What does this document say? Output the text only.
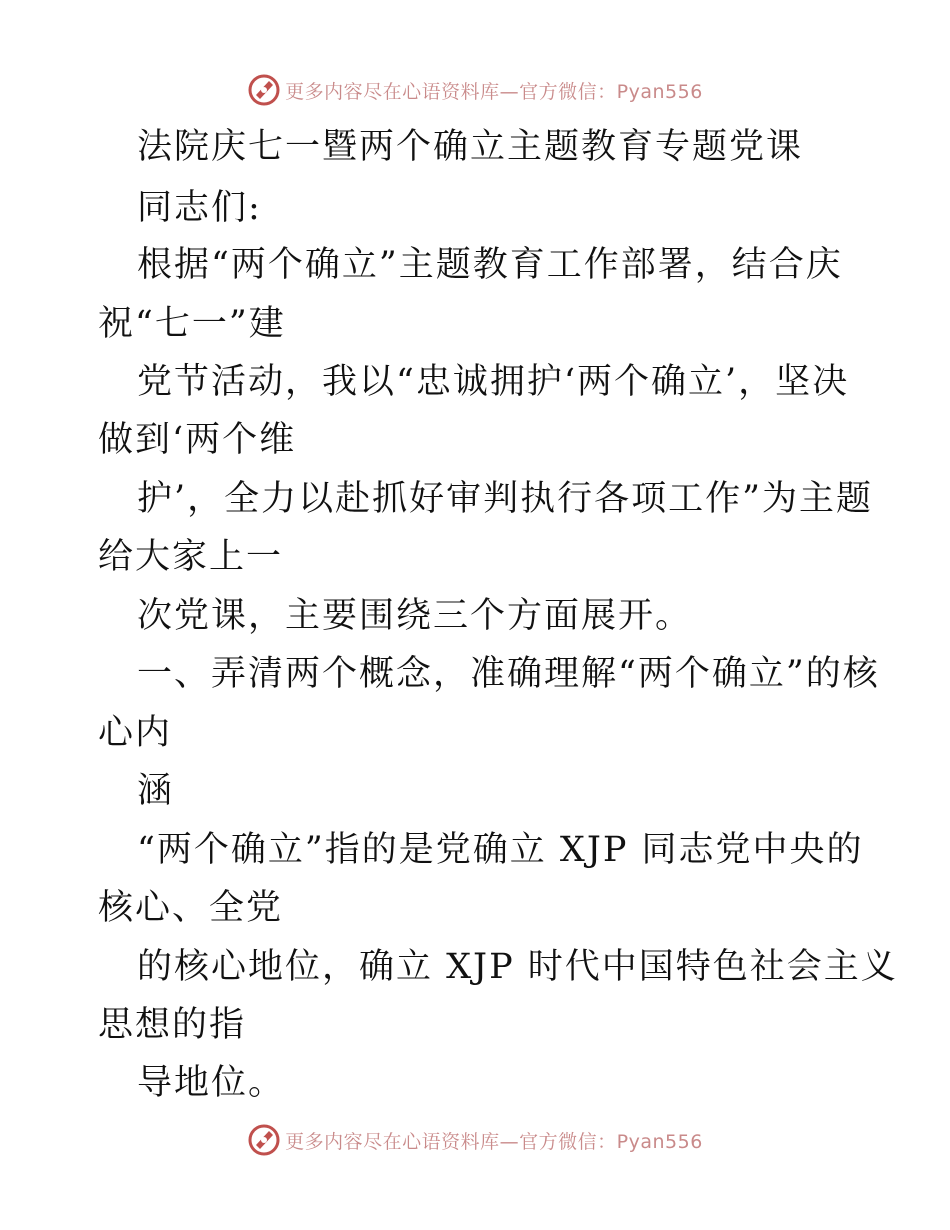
更多内容尽在心语资料库—官方微信：Pyan556
法院庆七一暨两个确立主题教育专题党课
同志们:
根据“两个确立”主题教育工作部署，结合庆
祝“七一”建
党节活动，我以“忠诚拥护‘两个确立’，坚决
做到‘两个维
护’，全力以赴抓好审判执行各项工作”为主题
给大家上一
次党课，主要围绕三个方面展开。
一、弄清两个概念，准确理解“两个确立”的核
心内
涵
“两个确立”指的是党确立 XJP 同志党中央的
核心、全党
的核心地位，确立 XJP 时代中国特色社会主义
思想的指
导地位。
更多内容尽在心语资料库—官方微信：Pyan556
